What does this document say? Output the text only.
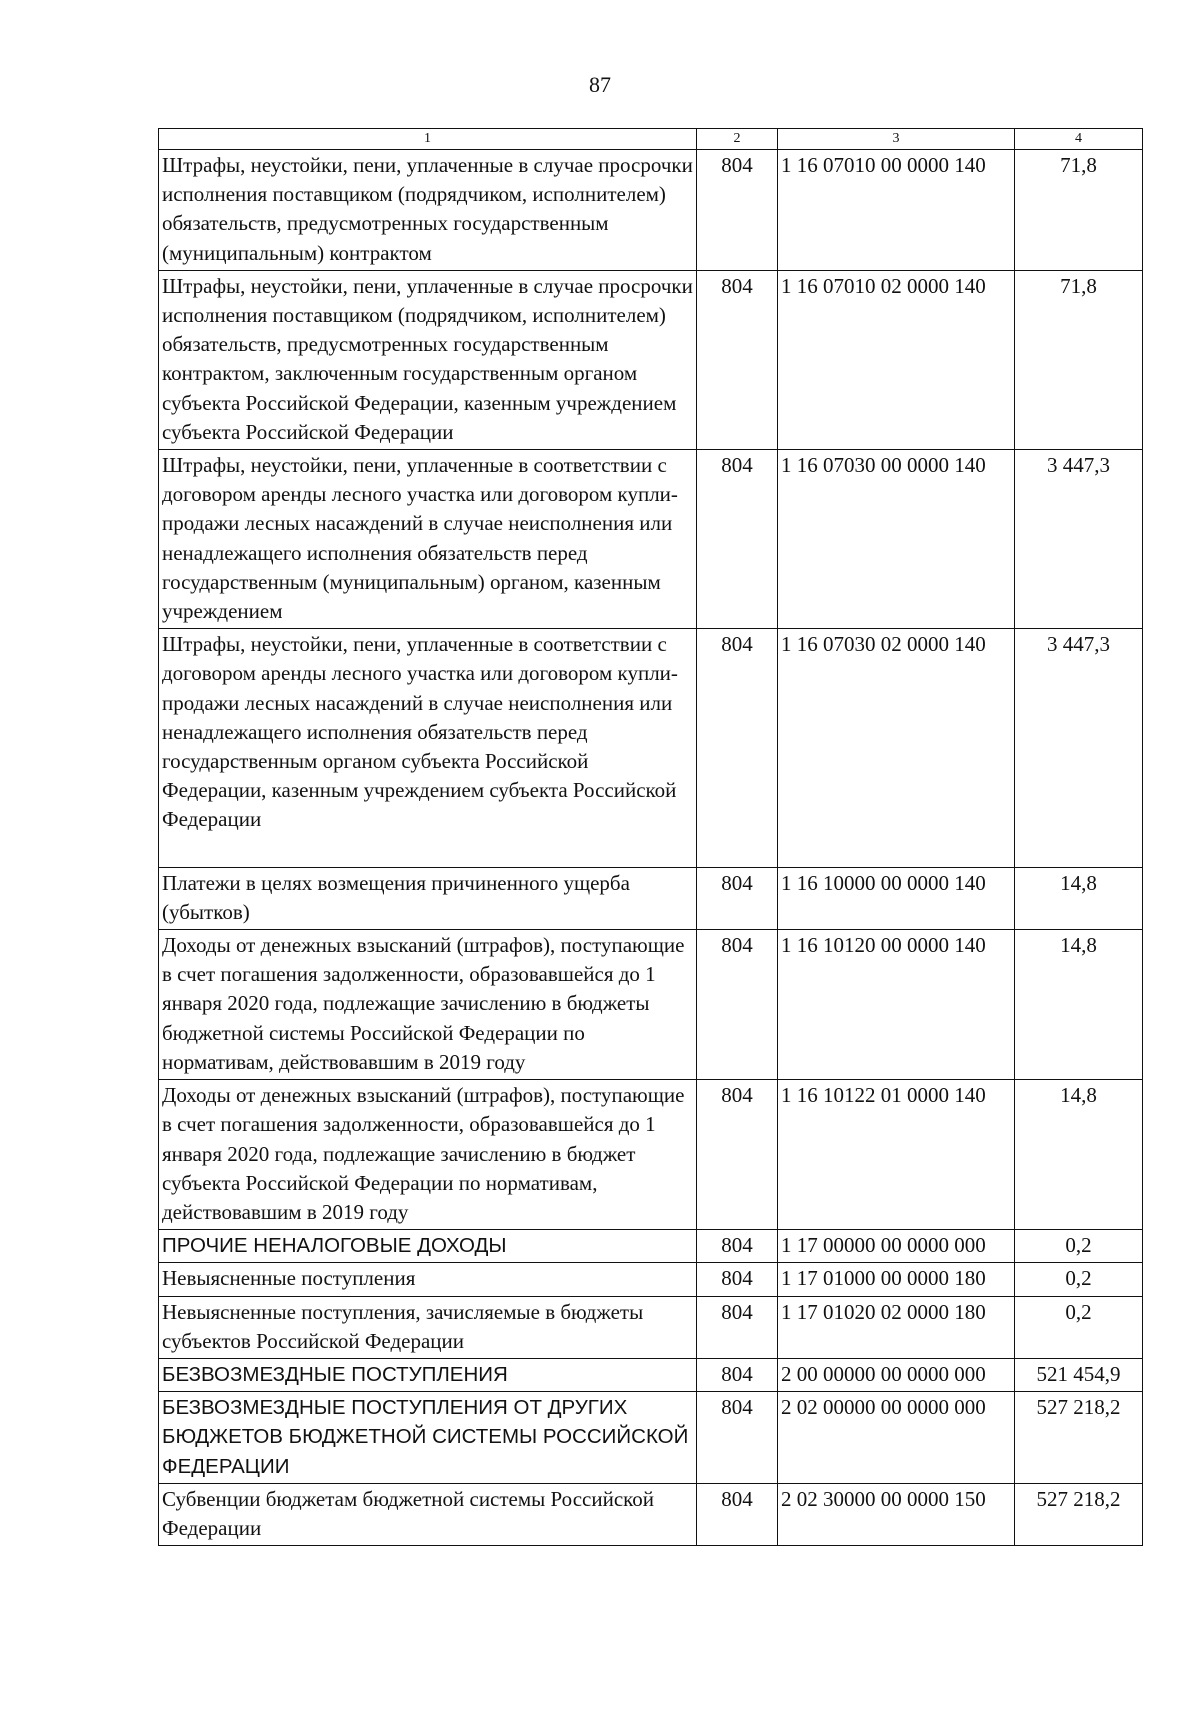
87
1	2	3	4
Штрафы, неустойки, пени, уплаченные в случае просрочки исполнения поставщиком (подрядчиком, исполнителем) обязательств, предусмотренных государственным (муниципальным) контрактом	804	1 16 07010 00 0000 140	71,8
Штрафы, неустойки, пени, уплаченные в случае просрочки исполнения поставщиком (подрядчиком, исполнителем) обязательств, предусмотренных государственным контрактом, заключенным государственным органом субъекта Российской Федерации, казенным учреждением субъекта Российской Федерации	804	1 16 07010 02 0000 140	71,8
Штрафы, неустойки, пени, уплаченные в соответствии с договором аренды лесного участка или договором купли-продажи лесных насаждений в случае неисполнения или ненадлежащего исполнения обязательств перед государственным (муниципальным) органом, казенным учреждением	804	1 16 07030 00 0000 140	3 447,3
Штрафы, неустойки, пени, уплаченные в соответствии с договором аренды лесного участка или договором купли-продажи лесных насаждений в случае неисполнения или ненадлежащего исполнения обязательств перед государственным органом субъекта Российской Федерации, казенным учреждением субъекта Российской Федерации	804	1 16 07030 02 0000 140	3 447,3
Платежи в целях возмещения причиненного ущерба (убытков)	804	1 16 10000 00 0000 140	14,8
Доходы от денежных взысканий (штрафов), поступающие в счет погашения задолженности, образовавшейся до 1 января 2020 года, подлежащие зачислению в бюджеты бюджетной системы Российской Федерации по нормативам, действовавшим в 2019 году	804	1 16 10120 00 0000 140	14,8
Доходы от денежных взысканий (штрафов), поступающие в счет погашения задолженности, образовавшейся до 1 января 2020 года, подлежащие зачислению в бюджет субъекта Российской Федерации по нормативам, действовавшим в 2019 году	804	1 16 10122 01 0000 140	14,8
ПРОЧИЕ НЕНАЛОГОВЫЕ ДОХОДЫ	804	1 17 00000 00 0000 000	0,2
Невыясненные поступления	804	1 17 01000 00 0000 180	0,2
Невыясненные поступления, зачисляемые в бюджеты субъектов Российской Федерации	804	1 17 01020 02 0000 180	0,2
БЕЗВОЗМЕЗДНЫЕ ПОСТУПЛЕНИЯ	804	2 00 00000 00 0000 000	521 454,9
БЕЗВОЗМЕЗДНЫЕ ПОСТУПЛЕНИЯ ОТ ДРУГИХ БЮДЖЕТОВ БЮДЖЕТНОЙ СИСТЕМЫ РОССИЙСКОЙ ФЕДЕРАЦИИ	804	2 02 00000 00 0000 000	527 218,2
Субвенции бюджетам бюджетной системы Российской Федерации	804	2 02 30000 00 0000 150	527 218,2
